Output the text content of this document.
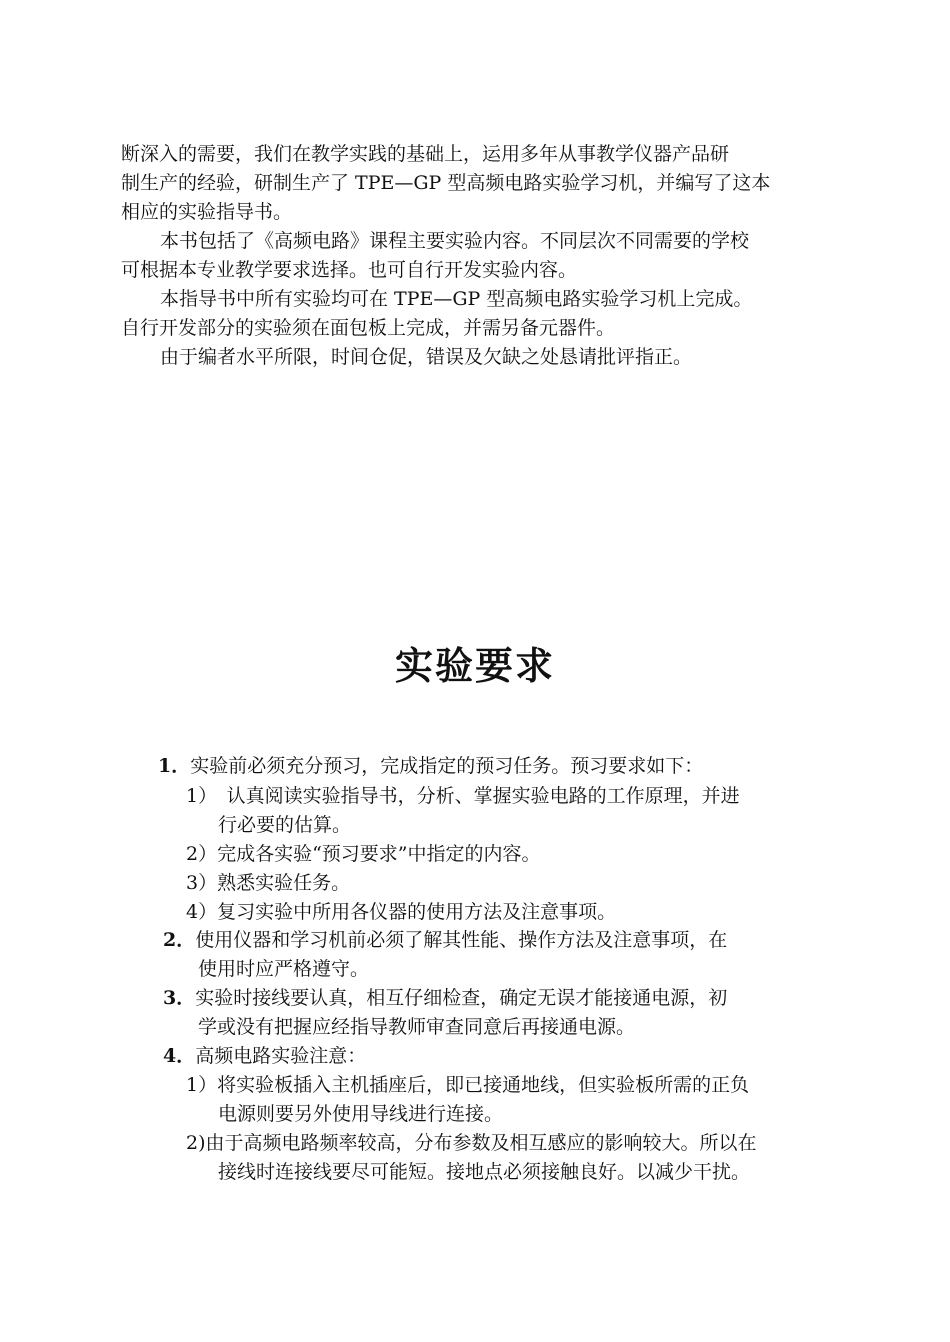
断深入的需要，我们在教学实践的基础上，运用多年从事教学仪器产品研
制生产的经验，研制生产了 TPE—GP 型高频电路实验学习机，并编写了这本
相应的实验指导书。
本书包括了《高频电路》课程主要实验内容。不同层次不同需要的学校
可根据本专业教学要求选择。也可自行开发实验内容。
本指导书中所有实验均可在 TPE—GP 型高频电路实验学习机上完成。
自行开发部分的实验须在面包板上完成，并需另备元器件。
由于编者水平所限，时间仓促，错误及欠缺之处恳请批评指正。
实验要求
1．实验前必须充分预习，完成指定的预习任务。预习要求如下：
1）　认真阅读实验指导书，分析、掌握实验电路的工作原理，并进
行必要的估算。
2）完成各实验“预习要求”中指定的内容。
3）熟悉实验任务。
4）复习实验中所用各仪器的使用方法及注意事项。
2．使用仪器和学习机前必须了解其性能、操作方法及注意事项，在
使用时应严格遵守。
3．实验时接线要认真，相互仔细检查，确定无误才能接通电源，初
学或没有把握应经指导教师审查同意后再接通电源。
4．高频电路实验注意：
1）将实验板插入主机插座后，即已接通地线，但实验板所需的正负
电源则要另外使用导线进行连接。
2)由于高频电路频率较高，分布参数及相互感应的影响较大。所以在
接线时连接线要尽可能短。接地点必须接触良好。以减少干扰。
